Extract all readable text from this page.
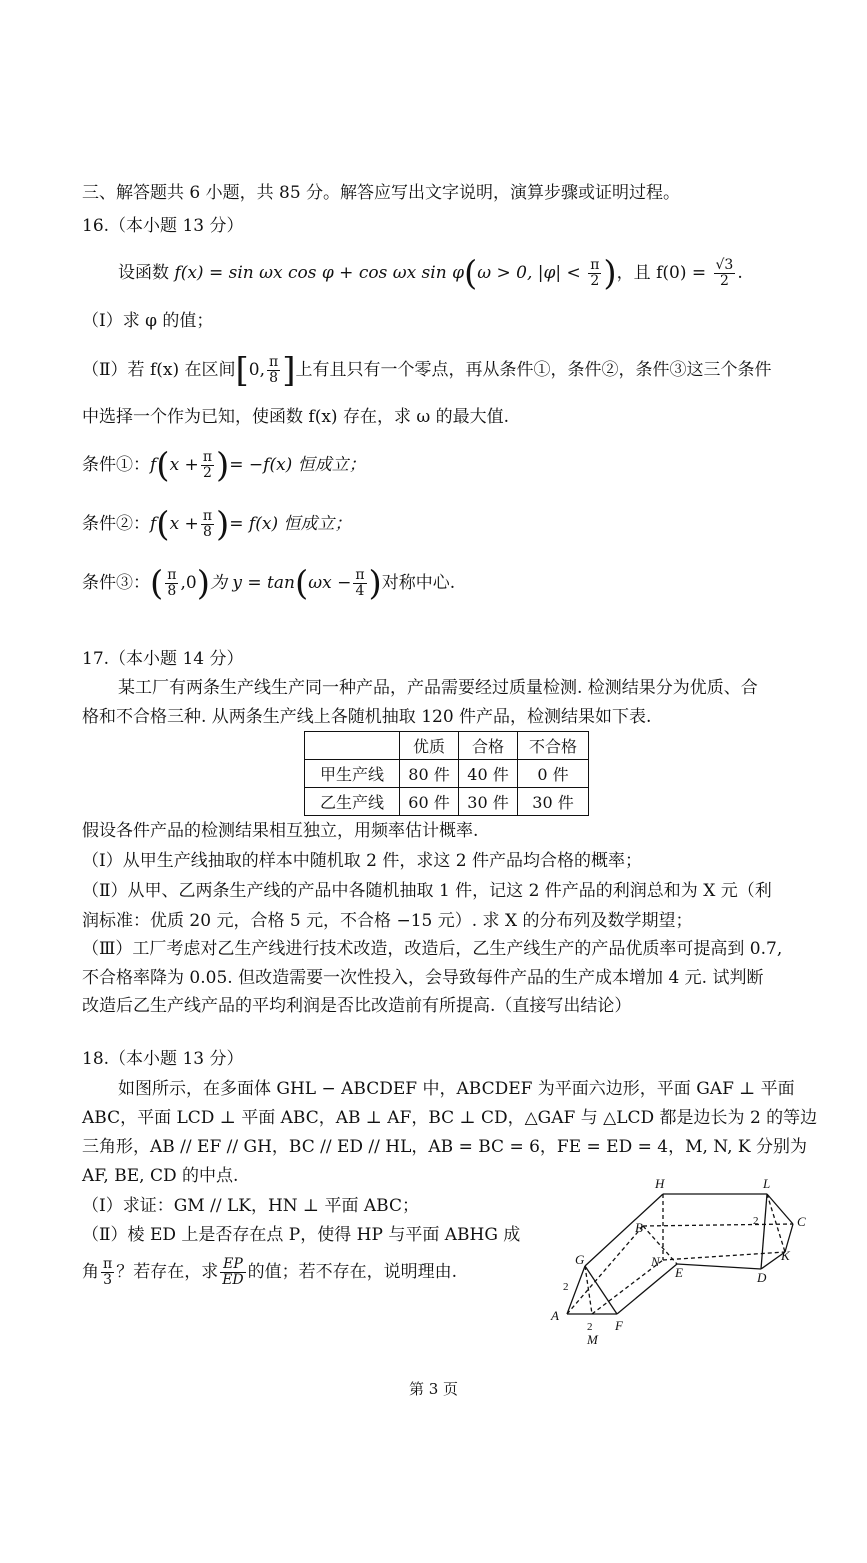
三、解答题共 6 小题，共 85 分。解答应写出文字说明，演算步骤或证明过程。
16.（本小题 13 分）
设函数 f(x) = sin ωx cos φ + cos ωx sin φ(ω > 0, $|\varphi| < \frac{\pi}{2}$ )，且 $f(0) = \frac{√3}{2}$ .
（Ⅰ）求 φ 的值；
（Ⅱ）若 f(x) 在区间[0, $\frac{\pi}{8}$ ]上有且只有一个零点，再从条件①，条件②，条件③这三个条件
中选择一个作为已知，使函数 f(x) 存在，求 ω 的最大值.
条件①：$f(x + \frac{\pi}{2}$ )= −f(x) 恒成立；
条件②：$f(x + \frac{\pi}{8}$ )= f(x) 恒成立；
条件③：( $\frac{\pi}{8} ,0$)为 $y = \tan(\omega x - \frac{\pi}{4}$ )对称中心.
17.（本小题 14 分）
某工厂有两条生产线生产同一种产品，产品需要经过质量检测. 检测结果分为优质、合
格和不合格三种. 从两条生产线上各随机抽取 120 件产品，检测结果如下表.
	优质	合格	不合格
甲生产线	80 件	40 件	0 件
乙生产线	60 件	30 件	30 件
假设各件产品的检测结果相互独立，用频率估计概率.
（Ⅰ）从甲生产线抽取的样本中随机取 2 件，求这 2 件产品均合格的概率；
（Ⅱ）从甲、乙两条生产线的产品中各随机抽取 1 件，记这 2 件产品的利润总和为 X 元（利
润标准：优质 20 元，合格 5 元，不合格 −15 元）. 求 X 的分布列及数学期望；
（Ⅲ）工厂考虑对乙生产线进行技术改造，改造后，乙生产线生产的产品优质率可提高到 0.7,
不合格率降为 0.05. 但改造需要一次性投入，会导致每件产品的生产成本增加 4 元. 试判断
改造后乙生产线产品的平均利润是否比改造前有所提高.（直接写出结论）
18.（本小题 13 分）
如图所示，在多面体 GHL − ABCDEF 中，ABCDEF 为平面六边形，平面 GAF ⊥ 平面
ABC，平面 LCD ⊥ 平面 ABC，AB ⊥ AF，BC ⊥ CD，△GAF 与 △LCD 都是边长为 2 的等边
三角形，AB // EF // GH，BC // ED // HL，AB = BC = 6，FE = ED = 4，M, N, K 分别为
AF, BE, CD 的中点.
（Ⅰ）求证：GM // LK，HN ⊥ 平面 ABC；
（Ⅱ）棱 ED 上是否存在点 P，使得 HP 与平面 ABHG 成
角 $\frac{\pi}{3}$ ？若存在，求 $\frac{EP}{ED}$ 的值；若不存在，说明理由.
H	L
B	C
G	N	K
E	D
A
M
F
2
2
2
第 3 页
